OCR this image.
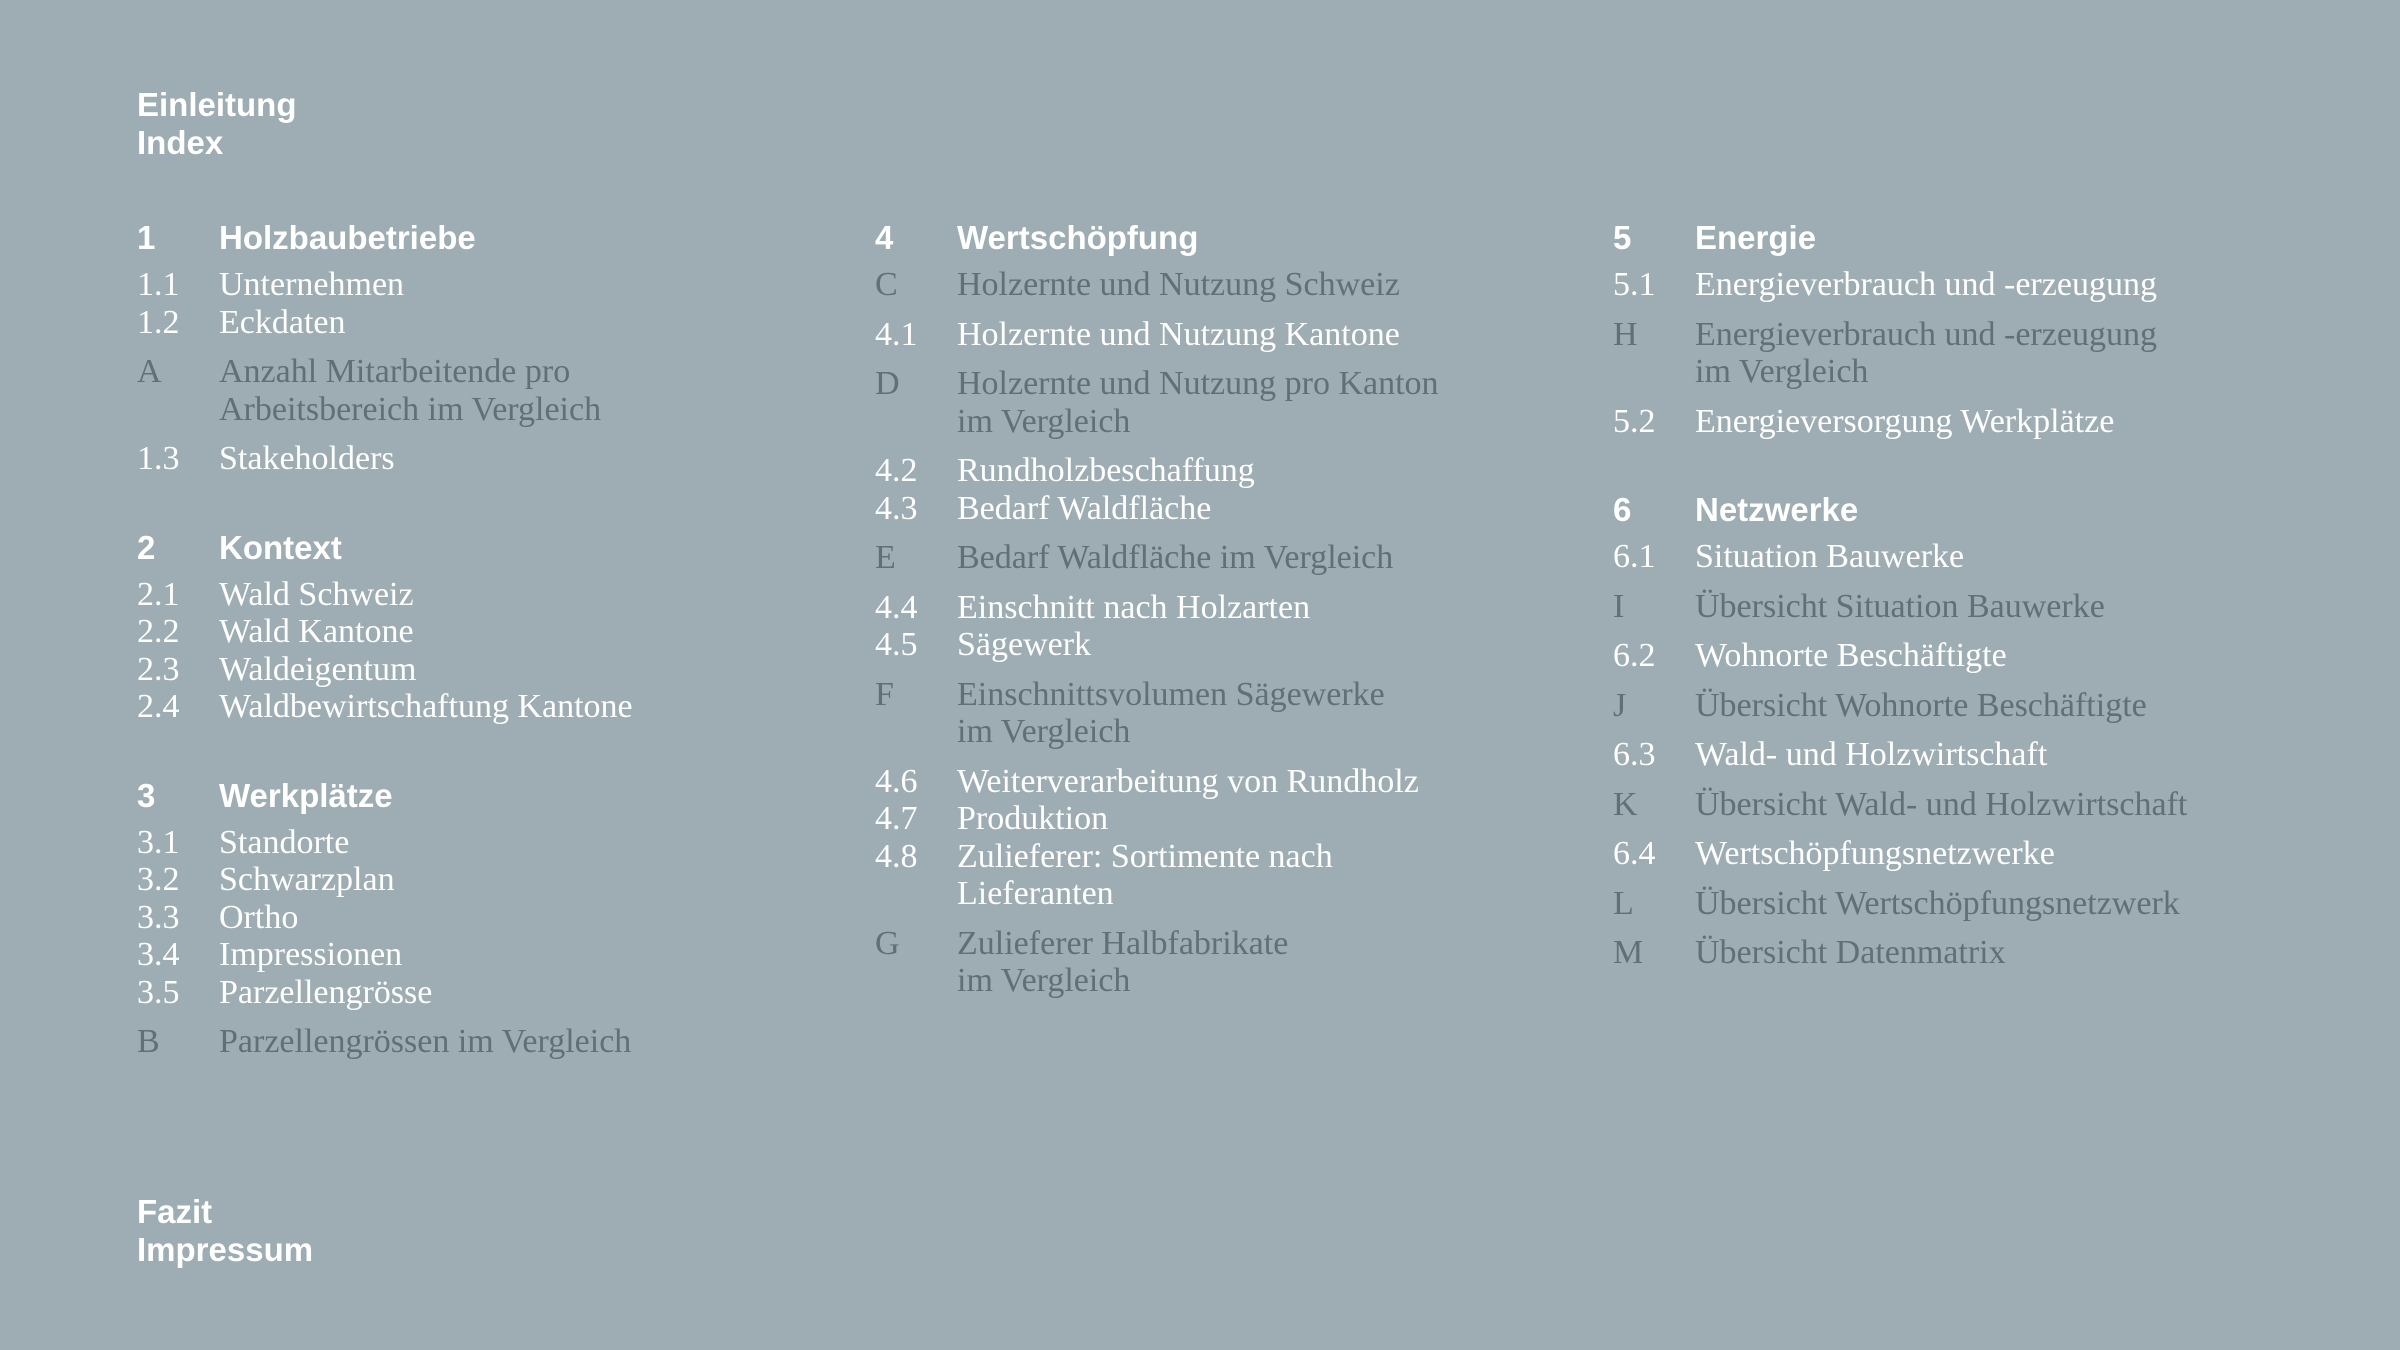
Einleitung
Index
1	Holzbaubetriebe
1.1	Unternehmen
1.2	Eckdaten
A	Anzahl Mitarbeitende pro
Arbeitsbereich im Vergleich
1.3	Stakeholders
2	Kontext
2.1	Wald Schweiz
2.2	Wald Kantone
2.3	Waldeigentum
2.4	Waldbewirtschaftung Kantone
3	Werkplätze
3.1	Standorte
3.2	Schwarzplan
3.3	Ortho
3.4	Impressionen
3.5	Parzellengrösse
B	Parzellengrössen im Vergleich
4	Wertschöpfung
C	Holzernte und Nutzung Schweiz
4.1	Holzernte und Nutzung Kantone
D	Holzernte und Nutzung pro Kanton
im Vergleich
4.2	Rundholzbeschaffung
4.3	Bedarf Waldfläche
E	Bedarf Waldfläche im Vergleich
4.4	Einschnitt nach Holzarten
4.5	Sägewerk
F	Einschnittsvolumen Sägewerke
im Vergleich
4.6	Weiterverarbeitung von Rundholz
4.7	Produktion
4.8	Zulieferer: Sortimente nach
Lieferanten
G	Zulieferer Halbfabrikate
im Vergleich
5	Energie
5.1	Energieverbrauch und -erzeugung
H	Energieverbrauch und -erzeugung
im Vergleich
5.2	Energieversorgung Werkplätze
6	Netzwerke
6.1	Situation Bauwerke
I	Übersicht Situation Bauwerke
6.2	Wohnorte Beschäftigte
J	Übersicht Wohnorte Beschäftigte
6.3	Wald- und Holzwirtschaft
K	Übersicht Wald- und Holzwirtschaft
6.4	Wertschöpfungsnetzwerke
L	Übersicht Wertschöpfungsnetzwerk
M	Übersicht Datenmatrix
Fazit
Impressum
